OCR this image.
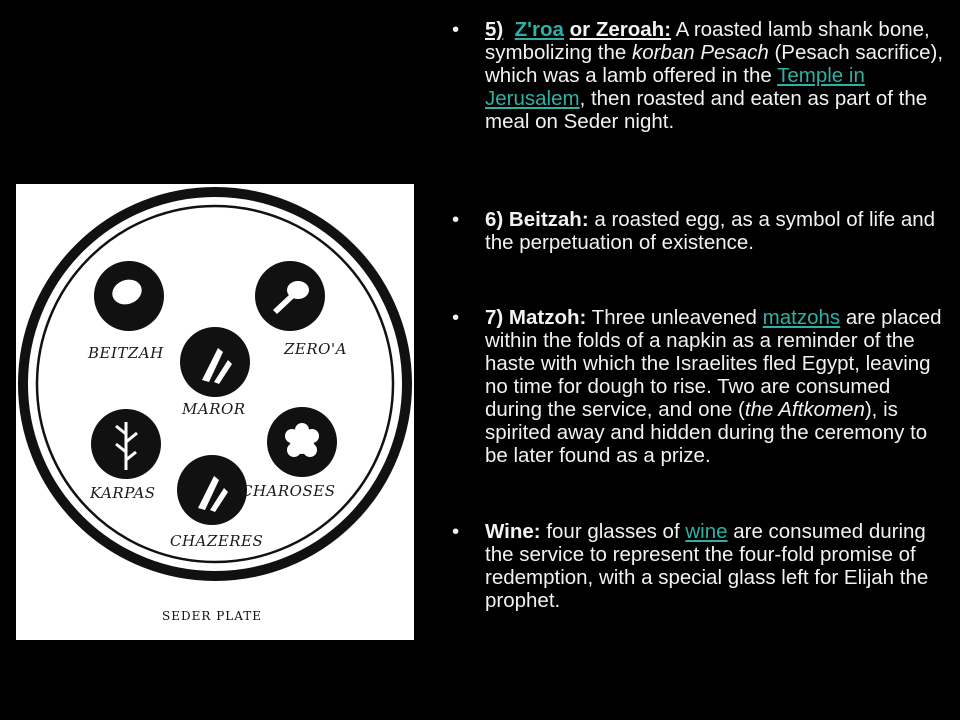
BEITZAH	ZERO'A
MAROR
KARPAS	CHAROSES
CHAZERES
SEDER PLATE
• 5) Z'roa or Zeroah: A roasted lamb shank bone, symbolizing the korban Pesach (Pesach sacrifice), which was a lamb offered in the Temple in Jerusalem, then roasted and eaten as part of the meal on Seder night.
• 6) Beitzah: a roasted egg, as a symbol of life and the perpetuation of existence.
• 7) Matzoh: Three unleavened matzohs are placed within the folds of a napkin as a reminder of the haste with which the Israelites fled Egypt, leaving no time for dough to rise. Two are consumed during the service, and one (the Aftkomen), is spirited away and hidden during the ceremony to be later found as a prize.
• Wine: four glasses of wine are consumed during the service to represent the four-fold promise of redemption, with a special glass left for Elijah the prophet.
